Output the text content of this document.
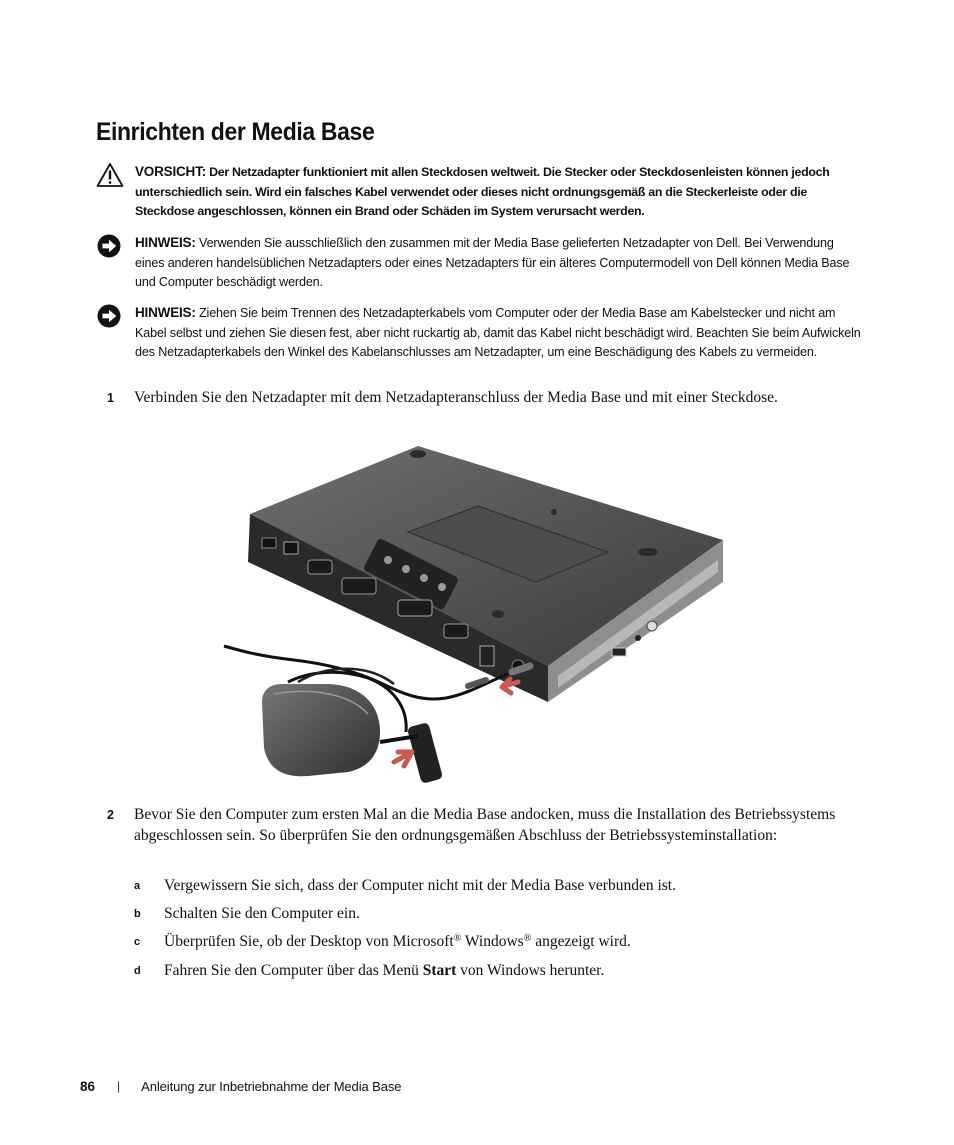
Einrichten der Media Base
VORSICHT: Der Netzadapter funktioniert mit allen Steckdosen weltweit. Die Stecker oder Steckdosenleisten können jedoch unterschiedlich sein. Wird ein falsches Kabel verwendet oder dieses nicht ordnungsgemäß an die Steckerleiste oder die Steckdose angeschlossen, können ein Brand oder Schäden im System verursacht werden.
HINWEIS: Verwenden Sie ausschließlich den zusammen mit der Media Base gelieferten Netzadapter von Dell. Bei Verwendung eines anderen handelsüblichen Netzadapters oder eines Netzadapters für ein älteres Computermodell von Dell können Media Base und Computer beschädigt werden.
HINWEIS: Ziehen Sie beim Trennen des Netzadapterkabels vom Computer oder der Media Base am Kabelstecker und nicht am Kabel selbst und ziehen Sie diesen fest, aber nicht ruckartig ab, damit das Kabel nicht beschädigt wird. Beachten Sie beim Aufwickeln des Netzadapterkabels den Winkel des Kabelanschlusses am Netzadapter, um eine Beschädigung des Kabels zu vermeiden.
1 Verbinden Sie den Netzadapter mit dem Netzadapteranschluss der Media Base und mit einer Steckdose.
2 Bevor Sie den Computer zum ersten Mal an die Media Base andocken, muss die Installation des Betriebssystems abgeschlossen sein. So überprüfen Sie den ordnungsgemäßen Abschluss der Betriebssysteminstallation:
a Vergewissern Sie sich, dass der Computer nicht mit der Media Base verbunden ist.
b Schalten Sie den Computer ein.
c Überprüfen Sie, ob der Desktop von Microsoft® Windows® angezeigt wird.
d Fahren Sie den Computer über das Menü Start von Windows herunter.
86 | Anleitung zur Inbetriebnahme der Media Base
